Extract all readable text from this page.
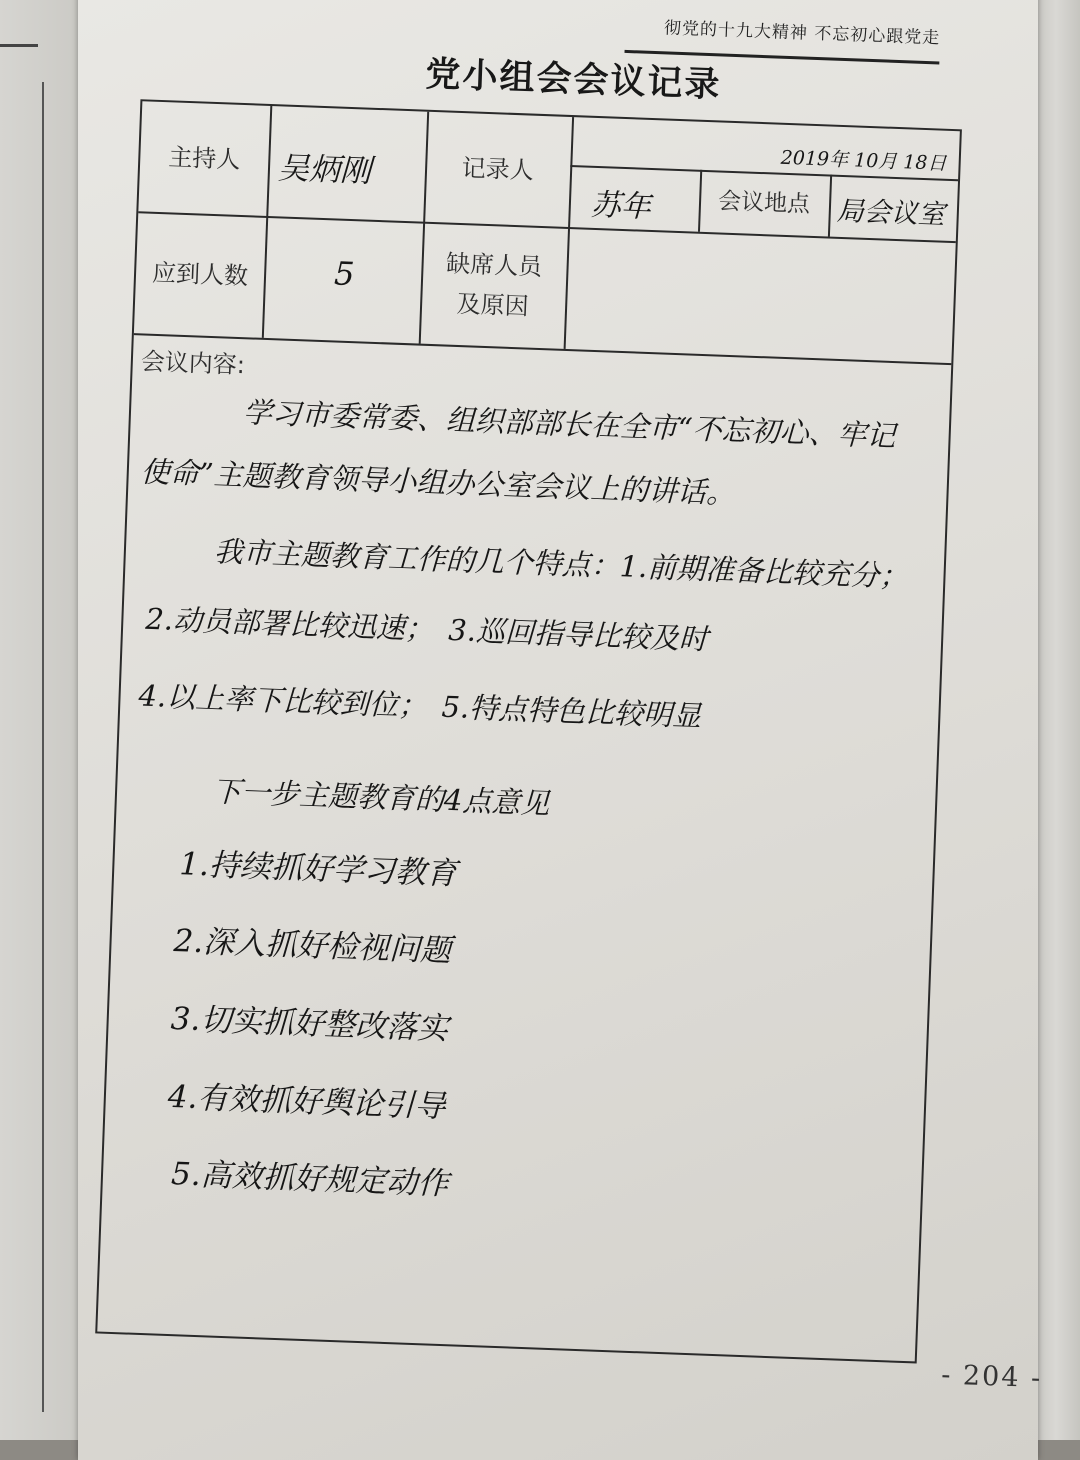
彻党的十九大精神 不忘初心跟党走
党小组会会议记录
2019年 10月 18日
主持人	吴炳刚	记录人
苏年	会议地点 局会议室
应到人数	5	缺席人员
及原因
会议内容:
学习市委常委、组织部部长在全市“不忘初心、牢记
使命”主题教育领导小组办公室会议上的讲话。
我市主题教育工作的几个特点：1.前期准备比较充分；
2.动员部署比较迅速；　3.巡回指导比较及时
4.以上率下比较到位；　5.特点特色比较明显
下一步主题教育的4点意见
1.持续抓好学习教育
2.深入抓好检视问题
3.切实抓好整改落实
4.有效抓好舆论引导
5.高效抓好规定动作
- 204 -
